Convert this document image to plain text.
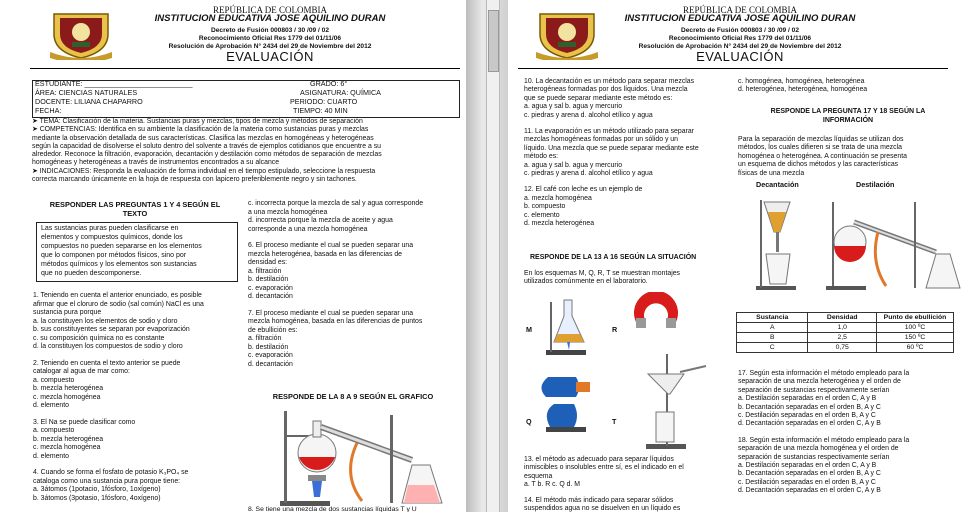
REPÚBLICA DE COLOMBIA
INSTITUCION EDUCATIVA JOSE AQUILINO DURAN
Decreto de Fusión 000803 / 30 /09 / 02
Reconocimiento Oficial Res 1779 del 01/11/06
Resolución de Aprobación N° 2434 del 29 de Noviembre del 2012
EVALUACIÓN
ESTUDIANTE: ___________________________	GRADO: 6°
ÁREA: CIENCIAS NATURALES	ASIGNATURA: QUÍMICA
DOCENTE: LILIANA CHAPARRO	PERIODO: CUARTO
FECHA:	TIEMPO: 40 MIN
➤ TEMA: Clasificación de la materia. Sustancias puras y mezclas, tipos de mezcla y métodos de separación
➤ COMPETENCIAS: Identifica en su ambiente la clasificación de la materia como sustancias puras y mezclas
mediante la observación detallada de sus características. Clasifica las mezclas en homogéneas y heterogéneas
según la capacidad de disolverse el soluto dentro del solvente a través de ejemplos cotidianos que encuentre a su
alrededor. Reconoce la filtración, evaporación, decantación y destilación como métodos de separación de mezclas
homogéneas y heterogéneas a través de instrumentos encontrados a su alcance
➤ INDICACIONES: Responda la evaluación de forma individual en el tiempo estipulado, seleccione la respuesta
correcta marcando únicamente en la hoja de respuesta con lapicero preferiblemente negro y sin tachones.
RESPONDER LAS PREGUNTAS 1 Y 4 SEGÚN EL
TEXTO
Las sustancias puras pueden clasificarse en
elementos y compuestos químicos, donde los
compuestos no pueden separarse en los elementos
que lo componen por métodos físicos, sino por
métodos químicos y los elementos son sustancias
que no pueden descomponerse.
1. Teniendo en cuenta el anterior enunciado, es posible
afirmar que el cloruro de sodio (sal común) NaCl es una
sustancia pura porque
a. la constituyen los elementos de sodio y cloro
b. sus constituyentes se separan por evaporización
c. su composición química no es constante
d. la constituyen los compuestos de sodio y cloro
2. Teniendo en cuenta el texto anterior se puede
catalogar al agua de mar como:
a. compuesto
b. mezcla heterogénea
c. mezcla homogénea
d. elemento
3. El Na se puede clasificar como
a. compuesto
b. mezcla heterogénea
c. mezcla homogénea
d. elemento
4. Cuando se forma el fosfato de potasio K₃PO₄ se
cataloga como una sustancia pura porque tiene:
a. 3átomos (1potacio, 1fósforo, 1oxígeno)
b. 3átomos (3potasio, 1fósforo, 4oxígeno)
c. incorrecta porque la mezcla de sal y agua corresponde
a una mezcla homogénea
d. incorrecta porque la mezcla de aceite y agua
corresponde a una mezcla homogénea
6. El proceso mediante el cual se pueden separar una
mezcla heterogénea, basada en las diferencias de
densidad es:
a. filtración
b. destilación
c. evaporación
d. decantación
7. El proceso mediante el cual se pueden separar una
mezcla homogénea, basada en las diferencias de puntos
de ebullición es:
a. filtración
b. destilación
c. evaporación
d. decantación
RESPONDE DE LA 8 A 9 SEGÚN EL GRAFICO
8. Se tiene una mezcla de dos sustancias líquidas T y U
REPÚBLICA DE COLOMBIA
INSTITUCION EDUCATIVA JOSE AQUILINO DURAN
Decreto de Fusión 000803 / 30 /09 / 02
Reconocimiento Oficial Res 1779 del 01/11/06
Resolución de Aprobación N° 2434 del 29 de Noviembre del 2012
EVALUACIÓN
10. La decantación es un método para separar mezclas
heterogéneas formadas por dos líquidos. Una mezcla
que se puede separar mediante este método es:
a. agua y sal b. agua y mercurio
c. piedras y arena d. alcohol etílico y agua
11. La evaporación es un método utilizado para separar
mezclas homogéneas formadas por un sólido y un
líquido. Una mezcla que se puede separar mediante este
método es:
a. agua y sal b. agua y mercurio
c. piedras y arena d. alcohol etílico y agua
12. El café con leche es un ejemplo de
a. mezcla homogénea
b. compuesto
c. elemento
d. mezcla heterogénea
RESPONDE DE LA 13 A 16 SEGÚN LA SITUACIÓN
En los esquemas M, Q, R, T se muestran montajes
utilizados comúnmente en el laboratorio.
M	R
Q	T
13. el método as adecuado para separar líquidos
inmiscibles o insolubles entre sí, es el indicado en el
esquema
a. T b. R c. Q d. M
14. El método más indicado para separar sólidos
suspendidos agua no se disuelven en un líquido es
c. homogénea, homogénea, heterogénea
d. heterogénea, heterogénea, homogénea
RESPONDE LA PREGUNTA 17 Y 18 SEGÚN LA
INFORMACIÓN
Para la separación de mezclas líquidas se utilizan dos
métodos, los cuales difieren si se trata de una mezcla
homogénea o heterogénea. A continuación se presenta
un esquema de dichos métodos y las características
físicas de una mezcla
Decantación	Destilación
Sustancia	Densidad	Punto de ebullición
A	1,0	100 ºC
B	2,5	150 ºC
C	0,75	60 ºC
17. Según esta información el método empleado para la
separación de una mezcla heterogénea y el orden de
separación de sustancias respectivamente serían
a. Destilación separadas en el orden C, A y B
b. Decantación separadas en el orden B, A y C
c. Destilación separadas en el orden B, A y C
d. Decantación separadas en el orden C, A y B
18. Según esta información el método empleado para la
separación de una mezcla homogénea y el orden de
separación de sustancias respectivamente serían
a. Destilación separadas en el orden C, A y B
b. Decantación separadas en el orden B, A y C
c. Destilación separadas en el orden B, A y C
d. Decantación separadas en el orden C, A y B
